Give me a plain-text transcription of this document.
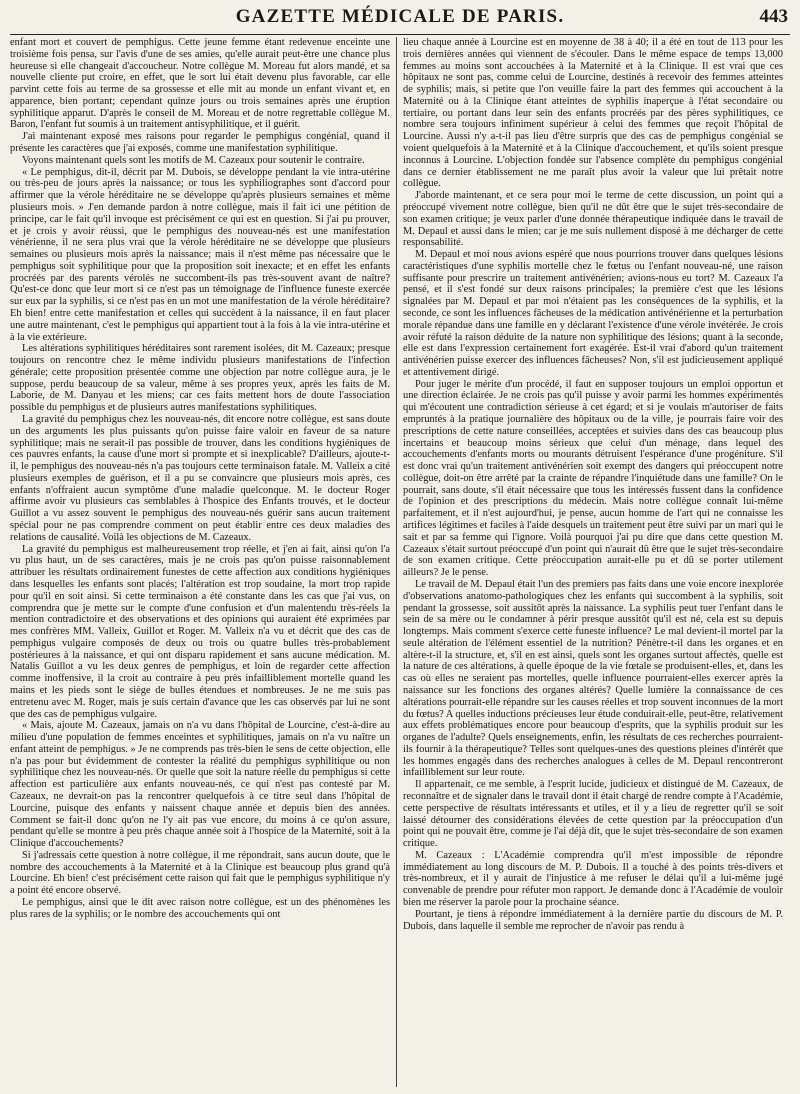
GAZETTE MÉDICALE DE PARIS.	443

enfant mort et couvert de pemphigus. Cette jeune femme étant redevenue enceinte une troisième fois pensa, sur l'avis d'une de ses amies, qu'elle aurait peut-être une chance plus heureuse si elle changeait d'accoucheur. Notre collègue M. Moreau fut alors mandé, et sa nouvelle cliente put croire, en effet, que le sort lui était devenu plus favorable, car elle parvint cette fois au terme de sa grossesse et elle mit au monde un enfant vivant et, en apparence, bien portant; cependant quinze jours ou trois semaines après une éruption syphilitique apparut. D'après le conseil de M. Moreau et de notre regrettable collègue M. Baron, l'enfant fut soumis à un traitement antisyphilitique, et il guérit.

J'ai maintenant exposé mes raisons pour regarder le pemphigus congénial, quand il présente les caractères que j'ai exposés, comme une manifestation syphilitique.

Voyons maintenant quels sont les motifs de M. Cazeaux pour soutenir le contraire.

« Le pemphigus, dit-il, décrit par M. Dubois, se développe pendant la vie intra-utérine ou très-peu de jours après la naissance; or tous les syphiliographes sont d'accord pour affirmer que la vérole héréditaire ne se développe qu'après plusieurs semaines et même plusieurs mois. » J'en demande pardon à notre collègue, mais il fait ici une pétition de principe, car le fait qu'il invoque est précisément ce qui est en question. Si j'ai pu prouver, et je crois y avoir réussi, que le pemphigus des nouveau-nés est une manifestation vénérienne, il ne sera plus vrai que la vérole héréditaire ne se développe que plusieurs semaines ou plusieurs mois après la naissance; mais il n'est même pas nécessaire que le pemphigus soit syphilitique pour que la proposition soit inexacte; et en effet les enfants procréés par des parents vérolés ne succombent-ils pas très-souvent avant de naître? Qu'est-ce donc que leur mort si ce n'est pas un témoignage de l'influence funeste exercée sur eux par la syphilis, si ce n'est pas en un mot une manifestation de la vérole héréditaire? Eh bien! entre cette manifestation et celles qui succèdent à la naissance, il en faut placer une autre maintenant, c'est le pemphigus qui appartient tout à la fois à la vie intra-utérine et à la vie extérieure.

Les altérations syphilitiques héréditaires sont rarement isolées, dit M. Cazeaux; presque toujours on rencontre chez le même individu plusieurs manifestations de l'infection générale; cette proposition présentée comme une objection par notre collègue aura, je le suppose, perdu beaucoup de sa valeur, même à ses propres yeux, après les faits de M. Laborie, de M. Danyau et les miens; car ces faits mettent hors de doute l'association possible du pemphigus et de plusieurs autres manifestations syphilitiques.

La gravité du pemphigus chez les nouveau-nés, dit encore notre collègue, est sans doute un des arguments les plus puissants qu'on puisse faire valoir en faveur de sa nature syphilitique; mais ne serait-il pas possible de trouver, dans les conditions hygiéniques de ces pauvres enfants, la cause d'une mort si prompte et si inexplicable? D'ailleurs, ajoute-t-il, le pemphigus des nouveau-nés n'a pas toujours cette terminaison fatale. M. Valleix a cité plusieurs exemples de guérison, et il a pu se convaincre que plusieurs mois après, ces enfants n'offraient aucun symptôme d'une maladie quelconque. M. le docteur Roger affirme avoir vu plusieurs cas semblables à l'hospice des Enfants trouvés, et le docteur Guillot a vu assez souvent le pemphigus des nouveau-nés guérir sans aucun traitement spécial pour ne pas comprendre comment on peut établir entre ces deux maladies des relations de causalité. Voilà les objections de M. Cazeaux.

La gravité du pemphigus est malheureusement trop réelle, et j'en ai fait, ainsi qu'on l'a vu plus haut, un de ses caractères, mais je ne crois pas qu'on puisse raisonnablement attribuer les résultats ordinairement funestes de cette affection aux conditions hygiéniques dans lesquelles les enfants sont placés; l'altération est trop soudaine, la mort trop rapide pour qu'il en soit ainsi. Si cette terminaison a été constante dans les cas que j'ai vus, on comprendra que je mette sur le compte d'une confusion et d'un malentendu très-réels la mention contradictoire et des observations et des opinions qui auraient été exprimées par mes confrères MM. Valleix, Guillot et Roger. M. Valleix n'a vu et décrit que des cas de pemphigus vulgaire composés de deux ou trois ou quatre bulles très-probablement postérieures à la naissance, et qui ont disparu rapidement et sans aucune médication. M. Natalis Guillot a vu les deux genres de pemphigus, et loin de regarder cette affection comme inoffensive, il la croit au contraire à peu près infailliblement mortelle quand les mains et les pieds sont le siège de bulles étendues et nombreuses. Je ne me suis pas entretenu avec M. Roger, mais je suis certain d'avance que les cas observés par lui ne sont que des cas de pemphigus vulgaire.

« Mais, ajoute M. Cazeaux, jamais on n'a vu dans l'hôpital de Lourcine, c'est-à-dire au milieu d'une population de femmes enceintes et syphilitiques, jamais on n'a vu naître un enfant atteint de pemphigus. » Je ne comprends pas très-bien le sens de cette objection, elle n'a pas pour but évidemment de contester la réalité du pemphigus syphilitique ou non syphilitique chez les nouveau-nés. Or quelle que soit la nature réelle du pemphigus si cette affection est particulière aux enfants nouveau-nés, ce qui n'est pas contesté par M. Cazeaux, ne devrait-on pas la rencontrer quelquefois à ce titre seul dans l'hôpital de Lourcine, puisque des enfants y naissent chaque année et depuis bien des années. Comment se fait-il donc qu'on ne l'y ait pas vue encore, du moins à ce qu'on assure, pendant qu'elle se montre à peu près chaque année soit à l'hospice de la Maternité, soit à la Clinique d'accouchements?

Si j'adressais cette question à notre collègue, il me répondrait, sans aucun doute, que le nombre des accouchements à la Maternité et à la Clinique est beaucoup plus grand qu'à Lourcine. Eh bien! c'est précisément cette raison qui fait que le pemphigus syphilitique n'y a point été encore observé.

Le pemphigus, ainsi que le dit avec raison notre collègue, est un des phénomènes les plus rares de la syphilis; or le nombre des accouchements qui ont

lieu chaque année à Lourcine est en moyenne de 38 à 40; il a été en tout de 113 pour les trois dernières années qui viennent de s'écouler. Dans le même espace de temps 13,000 femmes au moins sont accouchées à la Maternité et à la Clinique. Il est vrai que ces hôpitaux ne sont pas, comme celui de Lourcine, destinés à recevoir des femmes atteintes de syphilis; mais, si petite que l'on veuille faire la part des femmes qui accouchent à la Maternité ou à la Clinique étant atteintes de syphilis inaperçue à l'état secondaire ou tertiaire, ou portant dans leur sein des enfants procréés par des pères syphilitiques, ce nombre sera toujours infiniment supérieur à celui des femmes que reçoit l'hôpital de Lourcine. Aussi n'y a-t-il pas lieu d'être surpris que des cas de pemphigus congénial se voient quelquefois à la Maternité et à la Clinique d'accouchement, et qu'ils soient presque inconnus à Lourcine. L'objection fondée sur l'absence complète du pemphigus congénial dans ce dernier établissement ne me paraît plus avoir la valeur que lui prêtait notre collègue.

J'aborde maintenant, et ce sera pour moi le terme de cette discussion, un point qui a préoccupé vivement notre collègue, bien qu'il ne dût être que le sujet très-secondaire de son examen critique; je veux parler d'une donnée thérapeutique indiquée dans le travail de M. Depaul et aussi dans le mien; car je me suis nullement disposé à me décharger de cette responsabilité.

M. Depaul et moi nous avions espéré que nous pourrions trouver dans quelques lésions caractéristiques d'une syphilis mortelle chez le fœtus ou l'enfant nouveau-né, une raison suffisante pour prescrire un traitement antivénérien; avions-nous eu tort? M. Cazeaux l'a pensé, et il s'est fondé sur deux raisons principales; la première c'est que les lésions signalées par M. Depaul et par moi n'étaient pas les conséquences de la syphilis, et la seconde, ce sont les influences fâcheuses de la médication antivénérienne et la perturbation morale répandue dans une famille en y déclarant l'existence d'une vérole invétérée. Je crois avoir réfuté la raison déduite de la nature non syphilitique des lésions; quant à la seconde, elle est dans l'expression certainement fort exagérée. Est-il vrai d'abord qu'un traitement antivénérien puisse exercer des influences fâcheuses? Non, s'il est judicieusement appliqué et attentivement dirigé.

Pour juger le mérite d'un procédé, il faut en supposer toujours un emploi opportun et une direction éclairée. Je ne crois pas qu'il puisse y avoir parmi les hommes expérimentés qui m'écoutent une contradiction sérieuse à cet égard; et si je voulais m'autoriser de faits empruntés à la pratique journalière des hôpitaux ou de la ville, je pourrais faire voir des prescriptions de cette nature conseillées, acceptées et suivies dans des cas beaucoup plus incertains et beaucoup moins sérieux que celui d'un ménage, dans lequel des accouchements d'enfants morts ou mourants détruisent l'espérance d'une progéniture. S'il est donc vrai qu'un traitement antivénérien soit exempt des dangers qui préoccupent notre collègue, doit-on être arrêté par la crainte de répandre l'inquiétude dans une famille? On le pourrait, sans doute, s'il était nécessaire que tous les intéressés fussent dans la confidence de l'opinion et des prescriptions du médecin. Mais notre collègue connaît lui-même parfaitement, et il n'est aujourd'hui, je pense, aucun homme de l'art qui ne connaisse les artifices légitimes et faciles à l'aide desquels un traitement peut être suivi par un mari qui le sait et par sa femme qui l'ignore. Voilà pourquoi j'ai pu dire que dans cette question M. Cazeaux s'était surtout préoccupé d'un point qui n'aurait dû être que le sujet très-secondaire de son examen critique. Cette préoccupation aurait-elle pu et dû se porter utilement ailleurs? Je le pense.

Le travail de M. Depaul était l'un des premiers pas faits dans une voie encore inexplorée d'observations anatomo-pathologiques chez les enfants qui succombent à la syphilis, soit pendant la grossesse, soit aussitôt après la naissance. La syphilis peut tuer l'enfant dans le sein de sa mère ou le condamner à périr presque aussitôt qu'il est né, cela est su depuis longtemps. Mais comment s'exerce cette funeste influence? Le mal devient-il mortel par la seule altération de l'élément essentiel de la nutrition? Pénètre-t-il dans les organes et en altère-t-il la structure, et, s'il en est ainsi, quels sont les organes surtout affectés, quelle est la nature de ces altérations, à quelle époque de la vie fœtale se produisent-elles, et, dans les cas où elles ne seraient pas mortelles, quelle influence pourraient-elles exercer après la naissance sur les fonctions des organes altérés? Quelle lumière la connaissance de ces altérations pourrait-elle répandre sur les causes réelles et trop souvent inconnues de la mort du fœtus? A quelles inductions précieuses leur étude conduirait-elle, peut-être, relativement aux effets problématiques encore pour beaucoup d'esprits, que la syphilis produit sur les organes de l'adulte? Quels enseignements, enfin, les résultats de ces recherches pourraient-ils fournir à la thérapeutique? Telles sont quelques-unes des questions pleines d'intérêt que les hommes engagés dans des recherches analogues à celles de M. Depaul rencontreront infailliblement sur leur route.

Il appartenait, ce me semble, à l'esprit lucide, judicieux et distingué de M. Cazeaux, de reconnaître et de signaler dans le travail dont il était chargé de rendre compte à l'Académie, cette perspective de résultats intéressants et utiles, et il y a lieu de regretter qu'il se soit laissé détourner des considérations élevées de cette question par la préoccupation d'un point qui ne pouvait être, comme je l'ai déjà dit, que le sujet très-secondaire de son examen critique.

M. Cazeaux : L'Académie comprendra qu'il m'est impossible de répondre immédiatement au long discours de M. P. Dubois. Il a touché à des points très-divers et très-nombreux, et il y aurait de l'injustice à me refuser le délai qu'il a lui-même jugé convenable de prendre pour réfuter mon rapport. Je demande donc à l'Académie de vouloir bien me réserver la parole pour la prochaine séance.

Pourtant, je tiens à répondre immédiatement à la dernière partie du discours de M. P. Dubois, dans laquelle il semble me reprocher de n'avoir pas rendu à
